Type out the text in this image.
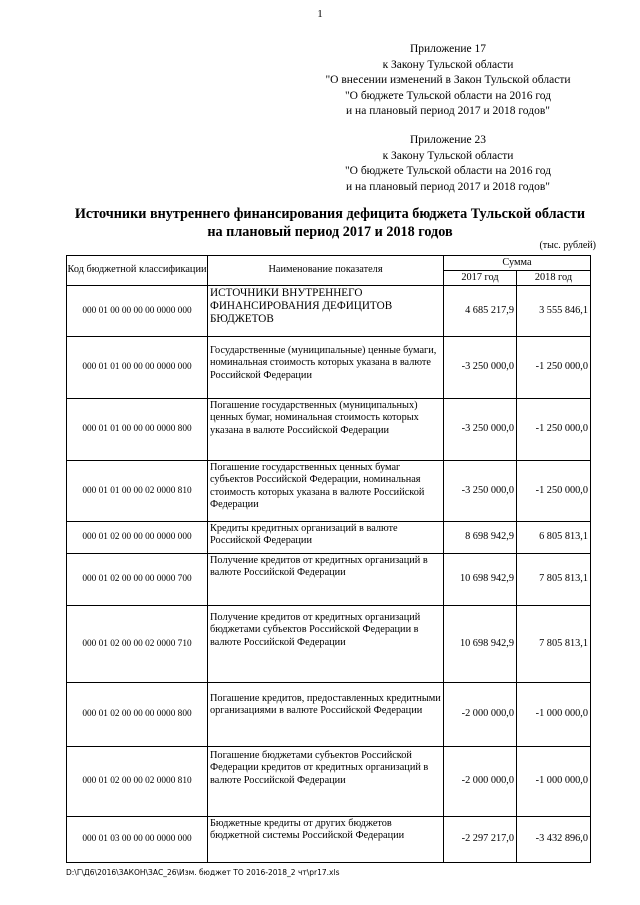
1
Приложение 17
к Закону Тульской области
"О внесении изменений в Закон Тульской области
"О бюджете Тульской области на 2016 год
и на плановый период 2017 и 2018 годов"
Приложение 23
к Закону Тульской области
"О бюджете Тульской области на 2016 год
и на плановый период 2017 и 2018 годов"
Источники внутреннего финансирования дефицита бюджета Тульской области
на плановый период 2017 и 2018 годов
(тыс. рублей)
Код бюджетной классификации	Наименование показателя	Сумма	
		2017 год	2018 год
000 01 00 00 00 00 0000 000	ИСТОЧНИКИ ВНУТРЕННЕГО ФИНАНСИРОВАНИЯ ДЕФИЦИТОВ БЮДЖЕТОВ	4 685 217,9	3 555 846,1
000 01 01 00 00 00 0000 000	Государственные (муниципальные) ценные бумаги, номинальная стоимость которых указана в валюте Российской Федерации	-3 250 000,0	-1 250 000,0
000 01 01 00 00 00 0000 800	Погашение государственных (муниципальных) ценных бумаг, номинальная стоимость которых указана в валюте Российской Федерации	-3 250 000,0	-1 250 000,0
000 01 01 00 00 02 0000 810	Погашение государственных ценных бумаг субъектов Российской Федерации, номинальная стоимость которых указана в валюте Российской Федерации	-3 250 000,0	-1 250 000,0
000 01 02 00 00 00 0000 000	Кредиты кредитных организаций в валюте Российской Федерации	8 698 942,9	6 805 813,1
000 01 02 00 00 00 0000 700	Получение кредитов от кредитных организаций в валюте Российской Федерации	10 698 942,9	7 805 813,1
000 01 02 00 00 02 0000 710	Получение кредитов от кредитных организаций бюджетами субъектов Российской Федерации в валюте Российской Федерации	10 698 942,9	7 805 813,1
000 01 02 00 00 00 0000 800	Погашение кредитов, предоставленных кредитными организациями в валюте Российской Федерации	-2 000 000,0	-1 000 000,0
000 01 02 00 00 02 0000 810	Погашение бюджетами субъектов Российской Федерации кредитов от кредитных организаций в валюте Российской Федерации	-2 000 000,0	-1 000 000,0
000 01 03 00 00 00 0000 000	Бюджетные кредиты от других бюджетов бюджетной системы Российской Федерации	-2 297 217,0	-3 432 896,0
D:\Г\Д6\2016\ЗАКОН\ЗАС_26\Изм. бюджет ТО 2016-2018_2 чт\pr17.xls
